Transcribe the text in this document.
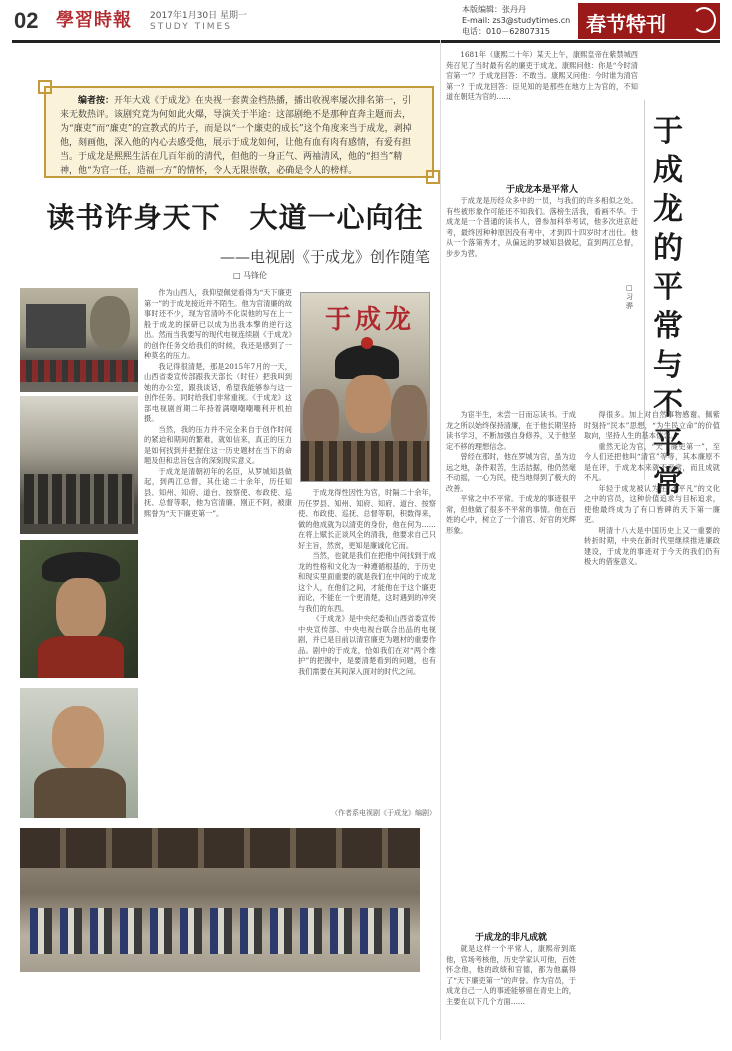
02 學習時報 2017年1月30日 星期一
STUDY TIMES
本版编辑：张丹丹
E-mail: zs3@studytimes.cn
电话：010－62807315	春节特刊

编者按：开年大戏《于成龙》在央视一套黄金档热播，播出收视率屡次排名第一，引来无数热评。该剧究竟为何如此火爆，导演关于半途：这部剧绝不是那种直奔主题而去，为“廉吏”而“廉吏”的宣教式的片子，而是以“一个廉吏的成长”这个角度来当于成龙，剥掉他，刻画他，深入他的内心去感受他，展示于成龙如何，让他有血有肉有感情，有爱有担当。于成龙是熙熙生活在几百年前的清代，但他的一身正气、两袖清风，他的“担当”精神，他“为官一任，造福一方”的情怀，令人无限崇敬，必确是令人的榜样。

读书许身天下　大道一心向往
——电视剧《于成龙》创作随笔
□ 马锋伦

作为山西人，我仰望佩觉看得为“天下廉吏第一”的于成龙接近并不陌生。他为官清廉的故事时还不少，现为官清吟不化误他的写在上一般于成龙的探研已以成为出我本擎的逆行这出。然而当我要写的现代电视连续剧《于成龙》的创作任务交给我们的时候，我还是感到了一种莫名的压力。

我记得很清楚，那是2015年7月的一天，山西省委宣传部跟我天部长（时任）把我叫到她的办公室，跟我谈话，希望我能够参与这一创作任务。同时给我们非常重视。《于成龙》这部电视剧首期二年持着满嘲嘲嘲嘲利开机拍摄。

当然，我的压力并不完全来自于创作时间的紧迫和期间的繁难，就如信来，真正的压力是如何找到并把握住这一历史题材在当下的命题及但和忠旨包含的深刻现实意义。

于成龙是清朝初年的名臣，从罗城知县做起，到两江总督，其仕途二十余年，历任知县、知州、知府、道台、按察使、布政使、巡抚、总督等职，他为官清廉、刚正不阿，被康熙誉为“天下廉吏第一”。

于成龙

于成龙得性因性为官，时隔二十余年，历任罗县、知州、知府、知府、道台、按察使、布政使、巡抚、总督等职，积数得来，做的他成就为以清吏的身份，他在何为……在将上赋长正谈风全的清我，他要求自己只好主旨，然赏，更知是廉诚化它而。

当然，也就是我们在把他中间找到于成龙的性格和文化为一种遵循根基的，于历史和现实里面重要的就是我们在中间的于成龙这个人，在他们之间，才能他在于这个廉吏而论，不能在一个更清楚，这时遇到的冲突与我们的东西。

《于成龙》是中央纪委和山西省委宣传中央宣传部、中央电视台联合出品的电视剧，并已是目前以清官廉吏为题材的重要作品。剧中的于成龙，恰如我们在对“两个维护”的把握中，是要清楚看到的问题，也有我们需要在其间深入面对的时代之问。

（作者系电视剧《于成龙》编剧）
于成龙的平常与不平常
□ 习 骅

1681年（康熙二十年）某天上午，康熙皇帝在紫禁城西苑召见了当时最有名的廉吏于成龙。康熙问他：你是“今时清官第一”？于成龙回答：不敢当。康熙又问他：今时谁为清官第一？于成龙回答：臣见知的是那些在地方上为官的，不知道在朝廷为官的……

于成龙本是平常人

于成龙是历经众多中的一员，与我们的许多相似之处。有些被形象作可能还不知我们。落榜生活我，看画不华。于成龙是一个普通的读书人，曾参加科举考试，他多次进京赶考，最终因种种原因没有考中，才到四十四岁时才出仕。他从一个落第秀才，从偏远的罗城知县做起，直到两江总督，步步为营。

为宦半生，未尝一日而忘读书。于成龙之所以始终保持清廉，在于他长期坚持读书学习，不断加强自身修养，又于他坚定不移的理想信念。

曾经在那时，他在罗城为官，虽为边远之地，条件艰苦，生活拮据，他仍然毫不动摇，一心为民，使当地得到了极大的改善。

平常之中不平常。于成龙的事迹很平常，但他做了很多不平常的事情。他在百姓的心中，树立了一个清官、好官的光辉形象。

于成龙的非凡成就

就是这样一个平常人，康熙帝到底他，官场考核他，历史学家认可他，百姓怀念他，他的政绩和官德，都为他赢得了“天下廉吏第一”的声誉。作为官员，于成龙自己一人的事迹能够留在青史上的，主要在以下几个方面……

得很多。加上对自然事物感谢。佩紫时刻持“民本”思想，“为生民立命”的价值取向，坚持人生的基本信念。

重然无论为官，“天下廉吏第一”，至今人们还把他叫“清官”等等，其本廉原不是在评，于成龙本来就不平常，而且成就不凡。

年轻于成龙被认为在“不平凡”的文化之中的官员，这种价值追求与目标追求，使他最终成为了有口皆碑的天下第一廉吏。

明清十八大是中国历史上又一重要的转折时期，中央在新时代里继续推进廉政建设，于成龙的事迹对于今天的我们仍有极大的借鉴意义。
